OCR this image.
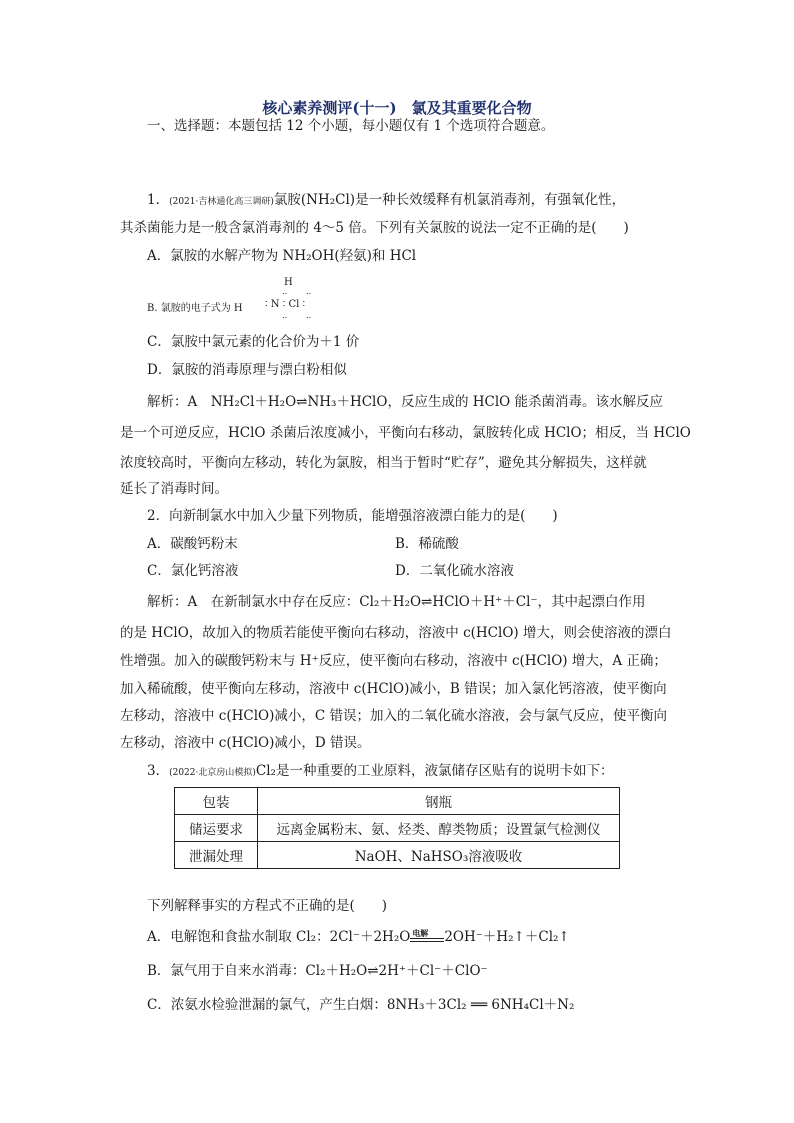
核心素养测评(十一)　氯及其重要化合物
一、选择题：本题包括 12 个小题，每小题仅有 1 个选项符合题意。
1．(2021·吉林通化高三调研)氯胺(NH₂Cl)是一种长效缓释有机氯消毒剂，有强氧化性，
其杀菌能力是一般含氯消毒剂的 4～5 倍。下列有关氯胺的说法一定不正确的是(　　)
A．氯胺的水解产物为 NH₂OH(羟氨)和 HCl
H
‥ ‥
B. 氯胺的电子式为 H ∶ N ∶ Cl ∶
‥ ‥
C．氯胺中氯元素的化合价为＋1 价
D．氯胺的消毒原理与漂白粉相似
解析：A　NH₂Cl＋H₂O⇌NH₃＋HClO，反应生成的 HClO 能杀菌消毒。该水解反应
是一个可逆反应，HClO 杀菌后浓度减小，平衡向右移动，氯胺转化成 HClO；相反，当 HClO
浓度较高时，平衡向左移动，转化为氯胺，相当于暂时“贮存”，避免其分解损失，这样就
延长了消毒时间。
2．向新制氯水中加入少量下列物质，能增强溶液漂白能力的是(　　)
A．碳酸钙粉末	B．稀硫酸
C．氯化钙溶液	D．二氧化硫水溶液
解析：A　在新制氯水中存在反应：Cl₂＋H₂O⇌HClO＋H⁺＋Cl⁻，其中起漂白作用
的是 HClO，故加入的物质若能使平衡向右移动，溶液中 c(HClO) 增大，则会使溶液的漂白
性增强。加入的碳酸钙粉末与 H⁺反应，使平衡向右移动，溶液中 c(HClO) 增大，A 正确；
加入稀硫酸，使平衡向左移动，溶液中 c(HClO)减小，B 错误；加入氯化钙溶液，使平衡向
左移动，溶液中 c(HClO)减小，C 错误；加入的二氧化硫水溶液，会与氯气反应，使平衡向
左移动，溶液中 c(HClO)减小，D 错误。
3．(2022·北京房山模拟)Cl₂是一种重要的工业原料，液氯储存区贴有的说明卡如下：
包装	钢瓶
储运要求	远离金属粉末、氨、烃类、醇类物质；设置氯气检测仪
泄漏处理	NaOH、NaHSO₃溶液吸收
下列解释事实的方程式不正确的是(　　)
A．电解饱和食盐水制取 Cl₂：2Cl⁻＋2H₂O 电解 2OH⁻＋H₂↑＋Cl₂↑
B．氯气用于自来水消毒：Cl₂＋H₂O⇌2H⁺＋Cl⁻＋ClO⁻
C．浓氨水检验泄漏的氯气，产生白烟：8NH₃＋3Cl₂ ══ 6NH₄Cl＋N₂
